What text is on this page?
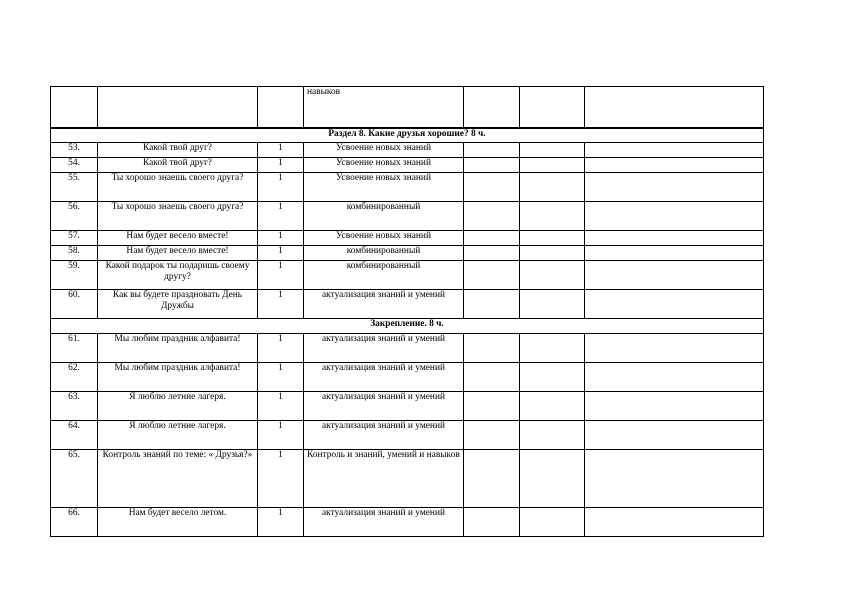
			навыков			
Раздел 8. Какие друзья хорошие? 8 ч.						
53.	Какой твой друг?	1	Усвоение новых знаний			
54.	Какой твой друг?	1	Усвоение новых знаний			
55.	Ты хорошо знаешь своего друга?	1	Усвоение новых знаний			
56.	Ты хорошо знаешь своего друга?	1	комбинированный			
57.	Нам будет весело вместе!	1	Усвоение новых знаний			
58.	Нам будет весело вместе!	1	комбинированный			
59.	Какой подарок ты подаришь своему другу?	1	комбинированный			
60.	Как вы будете праздновать День Дружбы	1	актуализация знаний и умений			
Закрепление. 8 ч.						
61.	Мы любим праздник алфавита!	1	актуализация знаний и умений			
62.	Мы любим праздник алфавита!	1	актуализация знаний и умений			
63.	Я люблю летние лагеря.	1	актуализация знаний и умений			
64.	Я люблю летние лагеря.	1	актуализация знаний и умений			
65.	Контроль знаний по теме: « Друзья?»	1	Контроль и знаний, умений и навыков			
66.	Нам будет весело летом.	1	актуализация знаний и умений			
